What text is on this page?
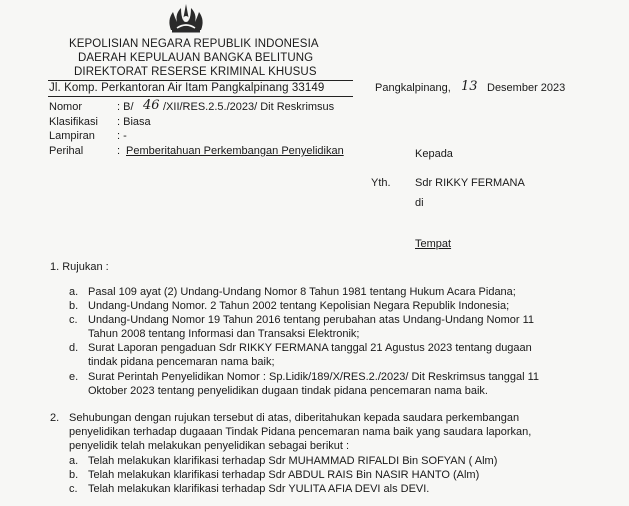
KEPOLISIAN NEGARA REPUBLIK INDONESIA
DAERAH KEPULAUAN BANGKA BELITUNG
DIREKTORAT RESERSE KRIMINAL KHUSUS
Jl. Komp. Perkantoran Air Itam Pangkalpinang 33149	Pangkalpinang, 13 Desember 2023
Nomor	: B/ 46 /XII/RES.2.5./2023/ Dit Reskrimsus
Klasifikasi : Biasa
Lampiran : -
Perihal	: Pemberitahuan Perkembangan Penyelidikan	Kepada
Yth. Sdr RIKKY FERMANA
di
Tempat
1. Rujukan :
a. Pasal 109 ayat (2) Undang-Undang Nomor 8 Tahun 1981 tentang Hukum Acara Pidana;
b. Undang-Undang Nomor. 2 Tahun 2002 tentang Kepolisian Negara Republik Indonesia;
c. Undang-Undang Nomor 19 Tahun 2016 tentang perubahan atas Undang-Undang Nomor 11
Tahun 2008 tentang Informasi dan Transaksi Elektronik;
d. Surat Laporan pengaduan Sdr RIKKY FERMANA tanggal 21 Agustus 2023 tentang dugaan
tindak pidana pencemaran nama baik;
e. Surat Perintah Penyelidikan Nomor : Sp.Lidik/189/X/RES.2./2023/ Dit Reskrimsus tanggal 11
Oktober 2023 tentang penyelidikan dugaan tindak pidana pencemaran nama baik.
2. Sehubungan dengan rujukan tersebut di atas, diberitahukan kepada saudara perkembangan
penyelidikan terhadap dugaaan Tindak Pidana pencemaran nama baik yang saudara laporkan,
penyelidik telah melakukan penyelidikan sebagai berikut :
a. Telah melakukan klarifikasi terhadap Sdr MUHAMMAD RIFALDI Bin SOFYAN ( Alm)
b. Telah melakukan klarifikasi terhadap Sdr ABDUL RAIS Bin NASIR HANTO (Alm)
c. Telah melakukan klarifikasi terhadap Sdr YULITA AFIA DEVI als DEVI.
